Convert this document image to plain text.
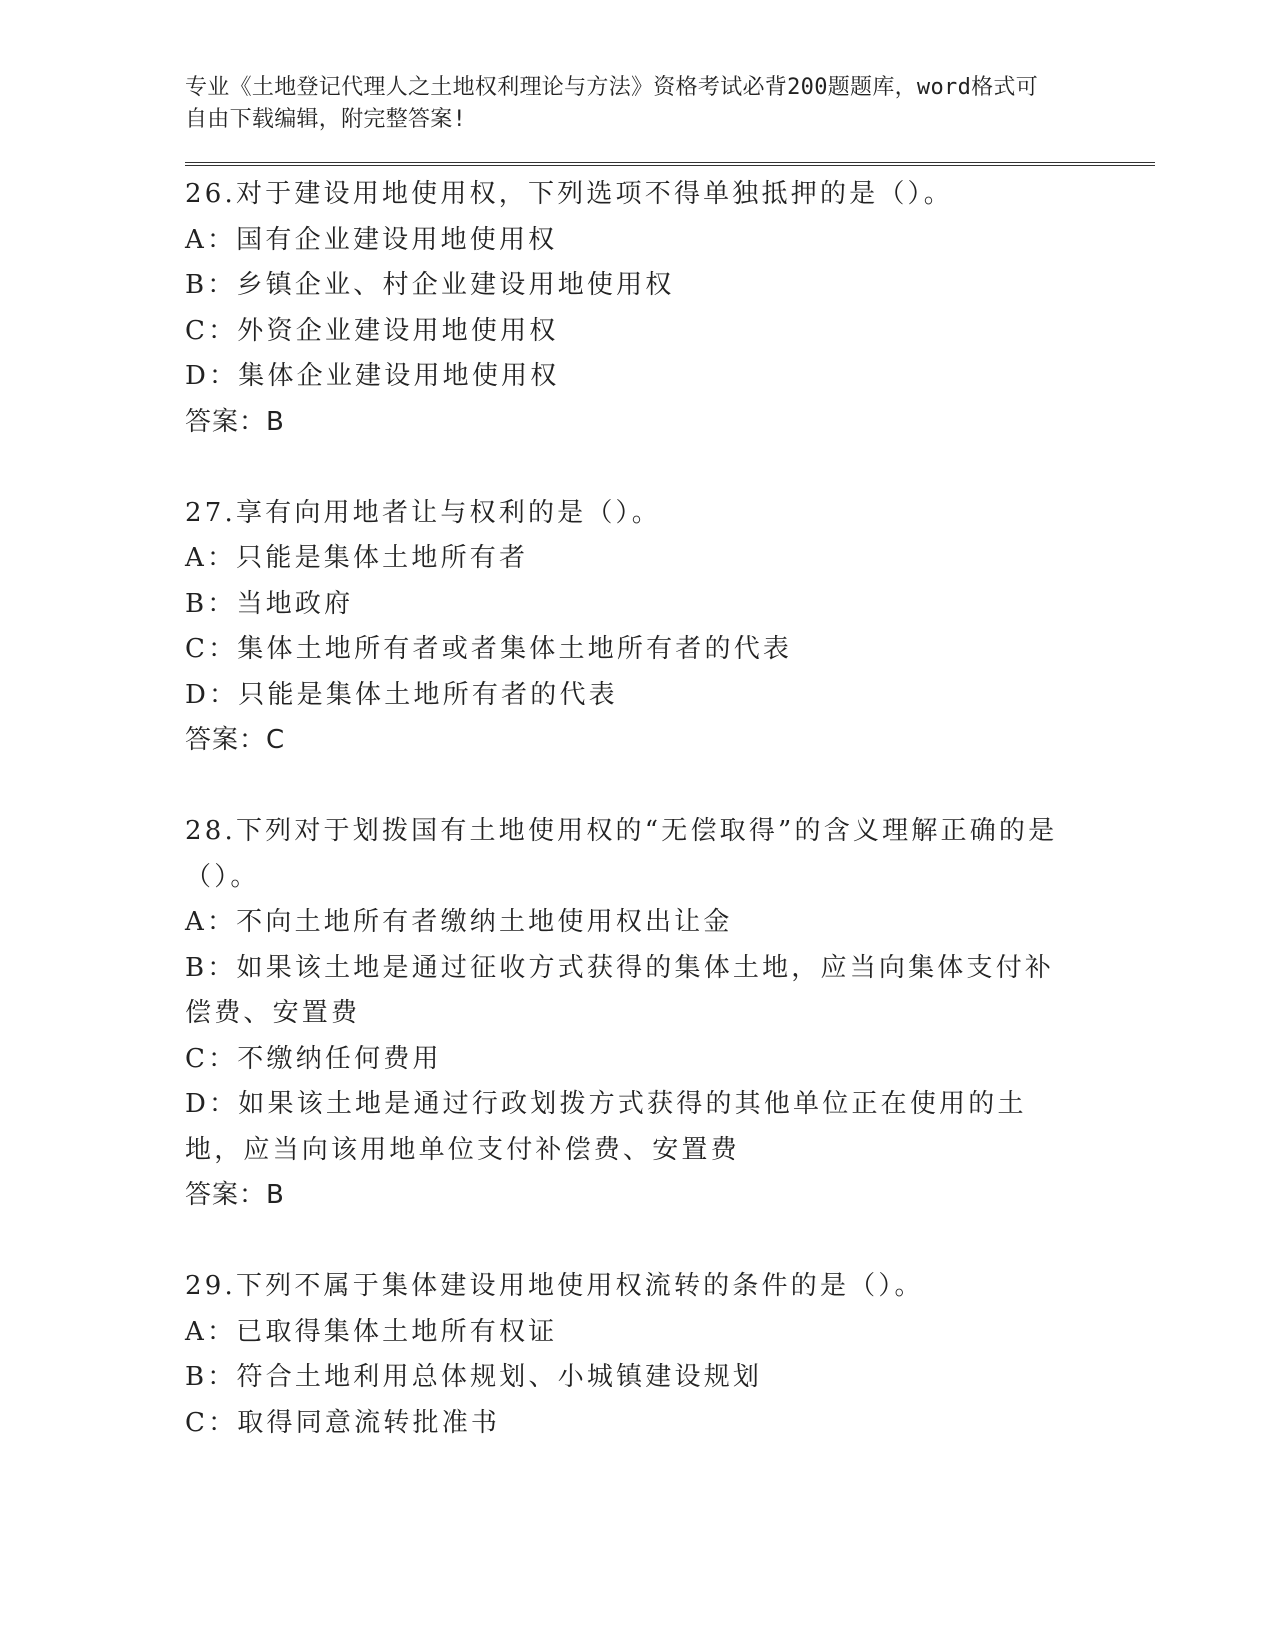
专业《土地登记代理人之土地权利理论与方法》资格考试必背200题题库，word格式可自由下载编辑，附完整答案!
26.对于建设用地使用权，下列选项不得单独抵押的是（）。
A：国有企业建设用地使用权
B：乡镇企业、村企业建设用地使用权
C：外资企业建设用地使用权
D：集体企业建设用地使用权
答案：B
27.享有向用地者让与权利的是（）。
A：只能是集体土地所有者
B：当地政府
C：集体土地所有者或者集体土地所有者的代表
D：只能是集体土地所有者的代表
答案：C
28.下列对于划拨国有土地使用权的“无偿取得”的含义理解正确的是（）。
A：不向土地所有者缴纳土地使用权出让金
B：如果该土地是通过征收方式获得的集体土地，应当向集体支付补偿费、安置费
C：不缴纳任何费用
D：如果该土地是通过行政划拨方式获得的其他单位正在使用的土地，应当向该用地单位支付补偿费、安置费
答案：B
29.下列不属于集体建设用地使用权流转的条件的是（）。
A：已取得集体土地所有权证
B：符合土地利用总体规划、小城镇建设规划
C：取得同意流转批准书
